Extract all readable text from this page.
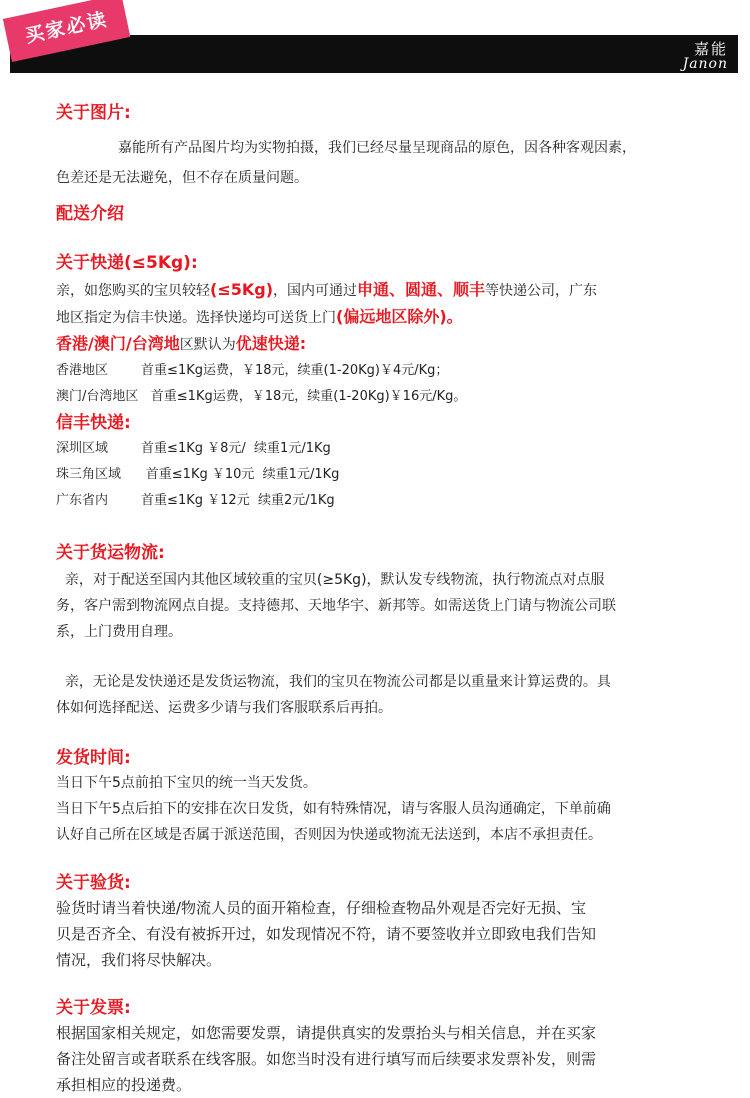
买家必读
嘉能
Janon
关于图片:
嘉能所有产品图片均为实物拍摄，我们已经尽量呈现商品的原色，因各种客观因素，
色差还是无法避免，但不存在质量问题。
配送介绍
关于快递(≤5Kg):
亲，如您购买的宝贝较轻(≤5Kg)，国内可通过申通、圆通、顺丰等快递公司，广东
地区指定为信丰快递。选择快递均可送货上门(偏远地区除外)。
香港/澳门/台湾地区默认为优速快递:
香港地区        首重≤1Kg运费，￥18元，续重(1-20Kg)￥4元/Kg；
澳门/台湾地区   首重≤1Kg运费，￥18元，续重(1-20Kg)￥16元/Kg。
信丰快递:
深圳区域        首重≤1Kg ￥8元/  续重1元/1Kg
珠三角区域      首重≤1Kg ￥10元  续重1元/1Kg
广东省内        首重≤1Kg ￥12元  续重2元/1Kg
关于货运物流:
亲，对于配送至国内其他区域较重的宝贝(≥5Kg)，默认发专线物流，执行物流点对点服
务，客户需到物流网点自提。支持德邦、天地华宇、新邦等。如需送货上门请与物流公司联
系，上门费用自理。
亲，无论是发快递还是发货运物流，我们的宝贝在物流公司都是以重量来计算运费的。具
体如何选择配送、运费多少请与我们客服联系后再拍。
发货时间:
当日下午5点前拍下宝贝的统一当天发货。
当日下午5点后拍下的安排在次日发货，如有特殊情况，请与客服人员沟通确定，下单前确
认好自己所在区域是否属于派送范围，否则因为快递或物流无法送到，本店不承担责任。
关于验货:
验货时请当着快递/物流人员的面开箱检查，仔细检查物品外观是否完好无损、宝
贝是否齐全、有没有被拆开过，如发现情况不符，请不要签收并立即致电我们告知
情况，我们将尽快解决。
关于发票:
根据国家相关规定，如您需要发票，请提供真实的发票抬头与相关信息，并在买家
备注处留言或者联系在线客服。如您当时没有进行填写而后续要求发票补发，则需
承担相应的投递费。
